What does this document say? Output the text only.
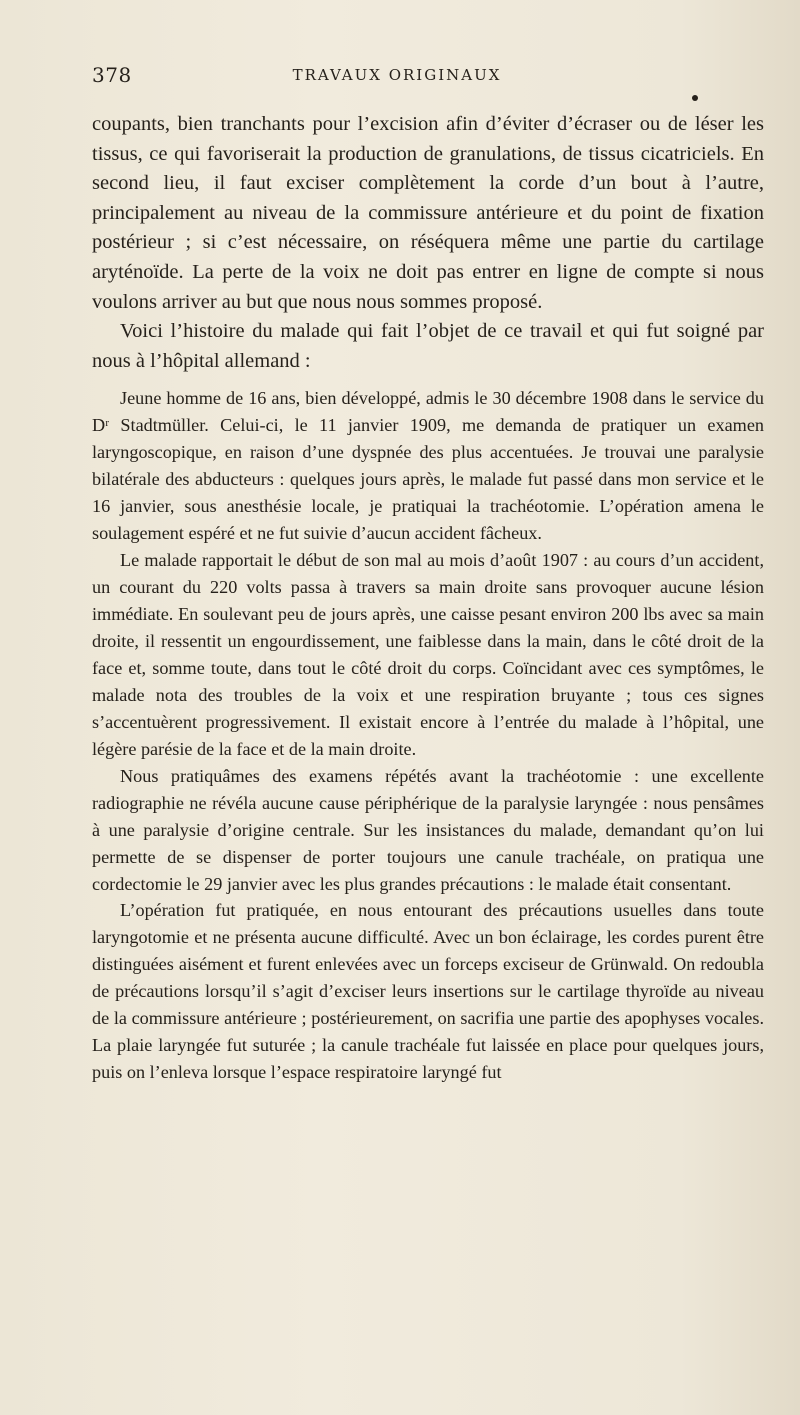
378	TRAVAUX ORIGINAUX

coupants, bien tranchants pour l’excision afin d’éviter d’écraser ou de léser les tissus, ce qui favoriserait la production de granulations, de tissus cicatriciels. En second lieu, il faut exciser complètement la corde d’un bout à l’autre, principalement au niveau de la commissure antérieure et du point de fixation postérieur ; si c’est nécessaire, on réséquera même une partie du cartilage aryténoïde. La perte de la voix ne doit pas entrer en ligne de compte si nous voulons arriver au but que nous nous sommes proposé.

Voici l’histoire du malade qui fait l’objet de ce travail et qui fut soigné par nous à l’hôpital allemand :

Jeune homme de 16 ans, bien développé, admis le 30 décembre 1908 dans le service du Dʳ Stadtmüller. Celui-ci, le 11 janvier 1909, me demanda de pratiquer un examen laryngoscopique, en raison d’une dyspnée des plus accentuées. Je trouvai une paralysie bilatérale des abducteurs : quelques jours après, le malade fut passé dans mon service et le 16 janvier, sous anesthésie locale, je pratiquai la trachéotomie. L’opération amena le soulagement espéré et ne fut suivie d’aucun accident fâcheux.

Le malade rapportait le début de son mal au mois d’août 1907 : au cours d’un accident, un courant du 220 volts passa à travers sa main droite sans provoquer aucune lésion immédiate. En soulevant peu de jours après, une caisse pesant environ 200 lbs avec sa main droite, il ressentit un engourdissement, une faiblesse dans la main, dans le côté droit de la face et, somme toute, dans tout le côté droit du corps. Coïncidant avec ces symptômes, le malade nota des troubles de la voix et une respiration bruyante ; tous ces signes s’accentuèrent progressivement. Il existait encore à l’entrée du malade à l’hôpital, une légère parésie de la face et de la main droite.

Nous pratiquâmes des examens répétés avant la trachéotomie : une excellente radiographie ne révéla aucune cause périphérique de la paralysie laryngée : nous pensâmes à une paralysie d’origine centrale. Sur les insistances du malade, demandant qu’on lui permette de se dispenser de porter toujours une canule trachéale, on pratiqua une cordectomie le 29 janvier avec les plus grandes précautions : le malade était consentant.

L’opération fut pratiquée, en nous entourant des précautions usuelles dans toute laryngotomie et ne présenta aucune difficulté. Avec un bon éclairage, les cordes purent être distinguées aisément et furent enlevées avec un forceps exciseur de Grünwald. On redoubla de précautions lorsqu’il s’agit d’exciser leurs insertions sur le cartilage thyroïde au niveau de la commissure antérieure ; postérieurement, on sacrifia une partie des apophyses vocales. La plaie laryngée fut suturée ; la canule trachéale fut laissée en place pour quelques jours, puis on l’enleva lorsque l’espace respiratoire laryngé fut
